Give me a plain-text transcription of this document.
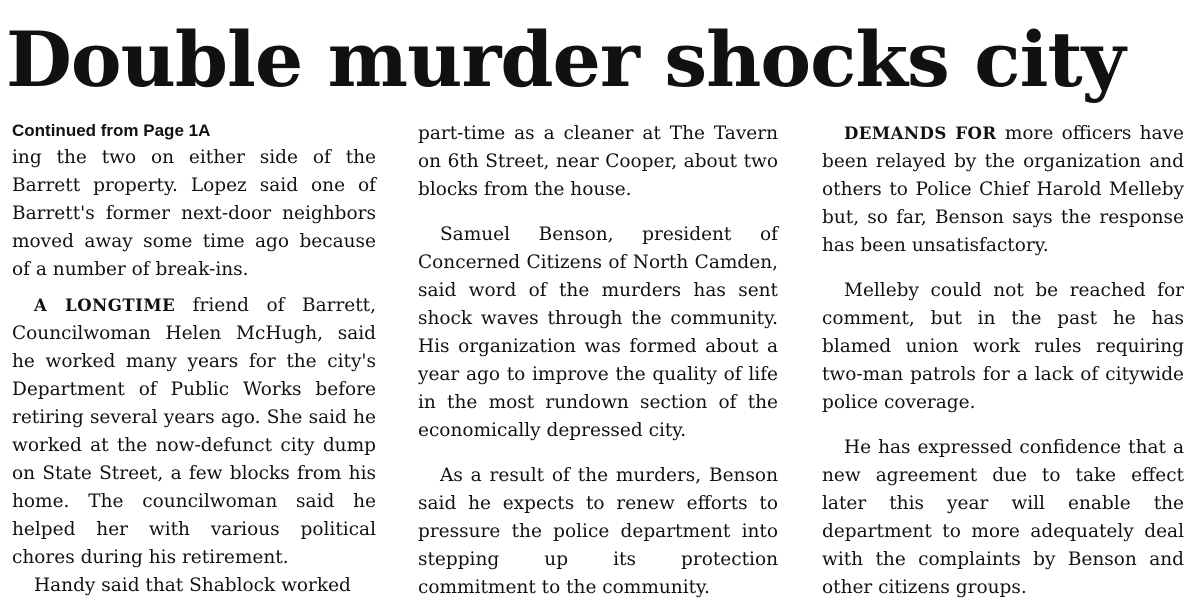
Double murder shocks city
Continued from Page 1A

ing the two on either side of the Barrett property. Lopez said one of Barrett's former next-door neighbors moved away some time ago because of a number of break-ins.

A LONGTIME friend of Barrett, Councilwoman Helen McHugh, said he worked many years for the city's Department of Public Works before retiring several years ago. She said he worked at the now-defunct city dump on State Street, a few blocks from his home. The councilwoman said he helped her with various political chores during his retirement.

Handy said that Shablock worked

part-time as a cleaner at The Tavern on 6th Street, near Cooper, about two blocks from the house.

Samuel Benson, president of Concerned Citizens of North Camden, said word of the murders has sent shock waves through the community. His organization was formed about a year ago to improve the quality of life in the most rundown section of the economically depressed city.

As a result of the murders, Benson said he expects to renew efforts to pressure the police department into stepping up its protection commitment to the community.

DEMANDS FOR more officers have been relayed by the organization and others to Police Chief Harold Melleby but, so far, Benson says the response has been unsatisfactory.

Melleby could not be reached for comment, but in the past he has blamed union work rules requiring two-man patrols for a lack of citywide police coverage.

He has expressed confidence that a new agreement due to take effect later this year will enable the department to more adequately deal with the complaints by Benson and other citizens groups.
